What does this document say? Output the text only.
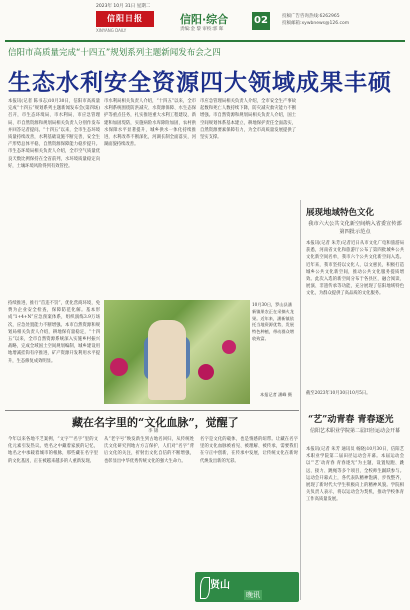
2023年 10月 31日 星期二
信阳日报
XINYANG DAILY
信阳·综合
责编:金 黎 审校:郭 晖
02	投稿广告咨询热线:6262965
投稿邮箱:xywbnews@126.com
信阳市高质量完成“十四五”规划系列主题新闻发布会之四
生态水利安全资源四大领域成果丰硕
本报讯(记者 陈书志)10月30日，信阳市高质量完成“十四五”规划系列主题新闻发布会(第四场)召开，市生态环境局、市水利局、市应急管理局、市自然资源和规划局相关负责人分别作发布并回答记者提问。“十四五”以来，全市生态环境质量持续改善，水利基础设施不断完善，安全生产形势总体平稳，自然资源保障能力稳步提升。市生态环境局相关负责人介绍，全市空气质量优良天数比例保持在全省前列，水环境质量稳定向好，土壤环境风险得到有效管控。
市水利局相关负责人介绍，“十四五”以来，全市水利系统围绕防洪减灾、水资源保障、水生态保护等重点任务，扎实推进重大水利工程建设，新建和加固堤防，实施病险水库除险加固，农村供水保障水平显著提升，城乡供水一体化持续推进，水利改革不断深化，河湖长制全面落实，河湖面貌持续改善。
市应急管理局相关负责人介绍，全市安全生产事故起数和死亡人数持续下降，防灾减灾救灾能力不断增强。市自然资源和规划局相关负责人介绍，国土空间规划体系基本建立，耕地保护责任全面落实，自然资源要素保障有力，为全市高质量发展提供了坚实支撑。
持续推进，推行“首违不罚”，优化营商环境，免费为企业安全检查，保障防范化解。基本形成“1+4+N”应急预案体系，组织演练3.9万场次，应急处置能力不断增强。本市自然资源和规划局相关负责人介绍，耕地保有量稳定，“十四五”以来，全市自然资源系统深入实施乡村振兴战略，完成全域国土空间规划编制，城乡建设用地增减挂钩有序推进，矿产资源开发利用水平提升，生态修复成效明显。
10月30日，罗山县潘新镇果农正在采摘火龙果。近年来，潘新镇依托当地资源优势，发展特色种植，带动群众增收致富。
本报记者 潘峰 摄
展现地域特色文化
我市六大公共文化新空间纳入省委宣传部第四批示范点
本报讯(记者 朱芳)记者近日从市文化广电和旅游局获悉，河南省文化和旅游厅公布了第四批城乡公共文化新空间名单，我市六个公共文化新空间入选。近年来，我市坚持以文化人、以文惠民，积极打造城乡公共文化新空间，推动公共文化服务提质增效。此次入选的新空间分布于各县区，融合阅读、展演、非遗传承等功能，充分展现了信阳地域特色文化，为群众提供了高品质的文化服务。
截至2023年10月30日10月5日。
“艺”动青春 青春逐光
信阳艺术职业学院第二届田径运动会开幕
本报讯(记者 朱芳 通讯员 杨晓)10月30日，信阳艺术职业学院第二届田径运动会开幕。本届运动会以“‘艺’动青春 青春逐光”为主题，设置短跑、跳远、接力、跳绳等多个项目，全校师生踊跃参与。运动会开幕式上，各代表队精神饱满、步伐整齐，展现了新时代大学生积极向上的精神风貌。学院相关负责人表示，将以运动会为契机，推动学校体育工作高质量发展。
藏在名字里的“文化血脉”，觉醒了
李 锦
今年以来各地不乏案例，“文字”“名字”里的文化元素引发热议。姓名之中藏着家族的记忆，地名之中承载着城市的根脉，那些藏在名字里的文化基因，正在被越来越多的人重新发现。
从“老字号”焕发新生到古地名回归，从传统姓氏文化研究到地方方言保护，人们对“名字”背后文化的关注，折射出文化自信的不断增强，也彰显出中华优秀传统文化的强大生命力。
名字是文化的载体，也是情感的纽带。让藏在名字里的文化血脉被看见、被理解、被传承，需要我们在守正中创新，在传承中发展，让传统文化在新时代焕发出新的光彩。
贤山
晚讯
